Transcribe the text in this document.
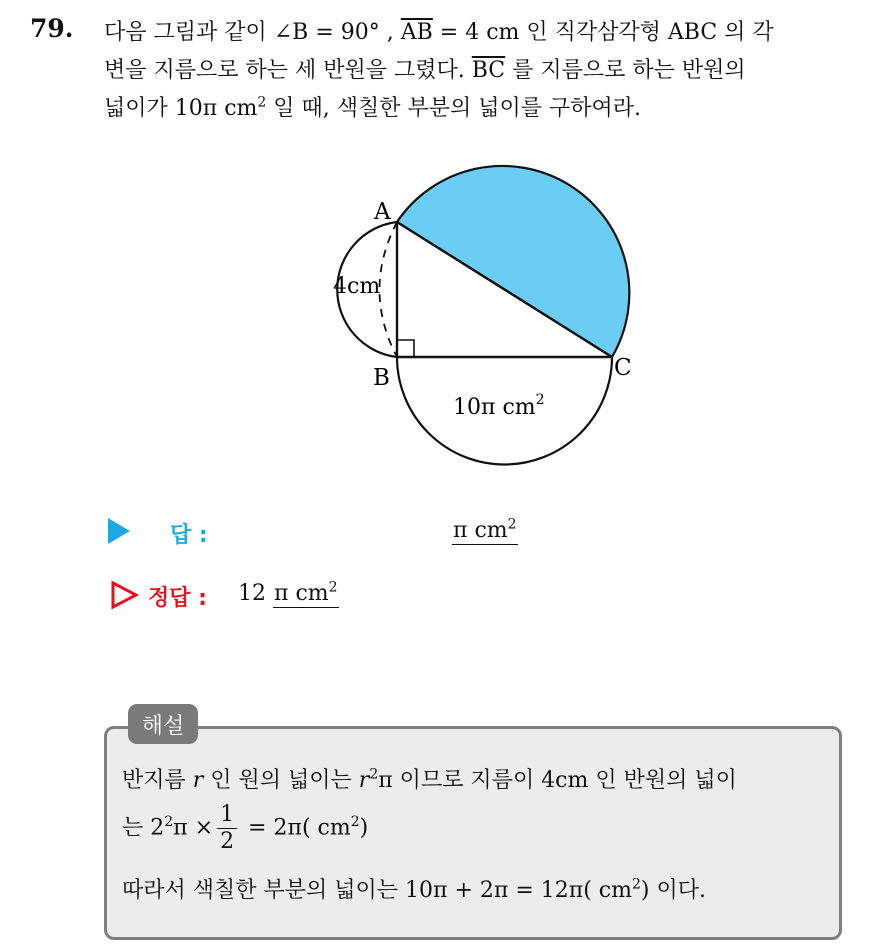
79. 다음 그림과 같이 ∠B = 90° , $\overline{AB} = 4$ cm 인 직각삼각형 ABC 의 각
변을 지름으로 하는 세 반원을 그렸다. $\overline{BC}$ 를 지름으로 하는 반원의
넓이가 10π $cm^2$ 일 때, 색칠한 부분의 넓이를 구하여라.
A
B	C
4cm
10π $cm^2$
답 :	π $cm^2$
정답 : 12 π $cm^2$
해설
반지름 r 인 원의 넓이는 $r^2\pi$ 이므로 지름이 4cm 인 반원의 넓이
는 $2^2\pi \times \frac{1}{2} = 2\pi$( $cm^2$)
따라서 색칠한 부분의 넓이는 10π + 2π = 12π( $cm^2$) 이다.
